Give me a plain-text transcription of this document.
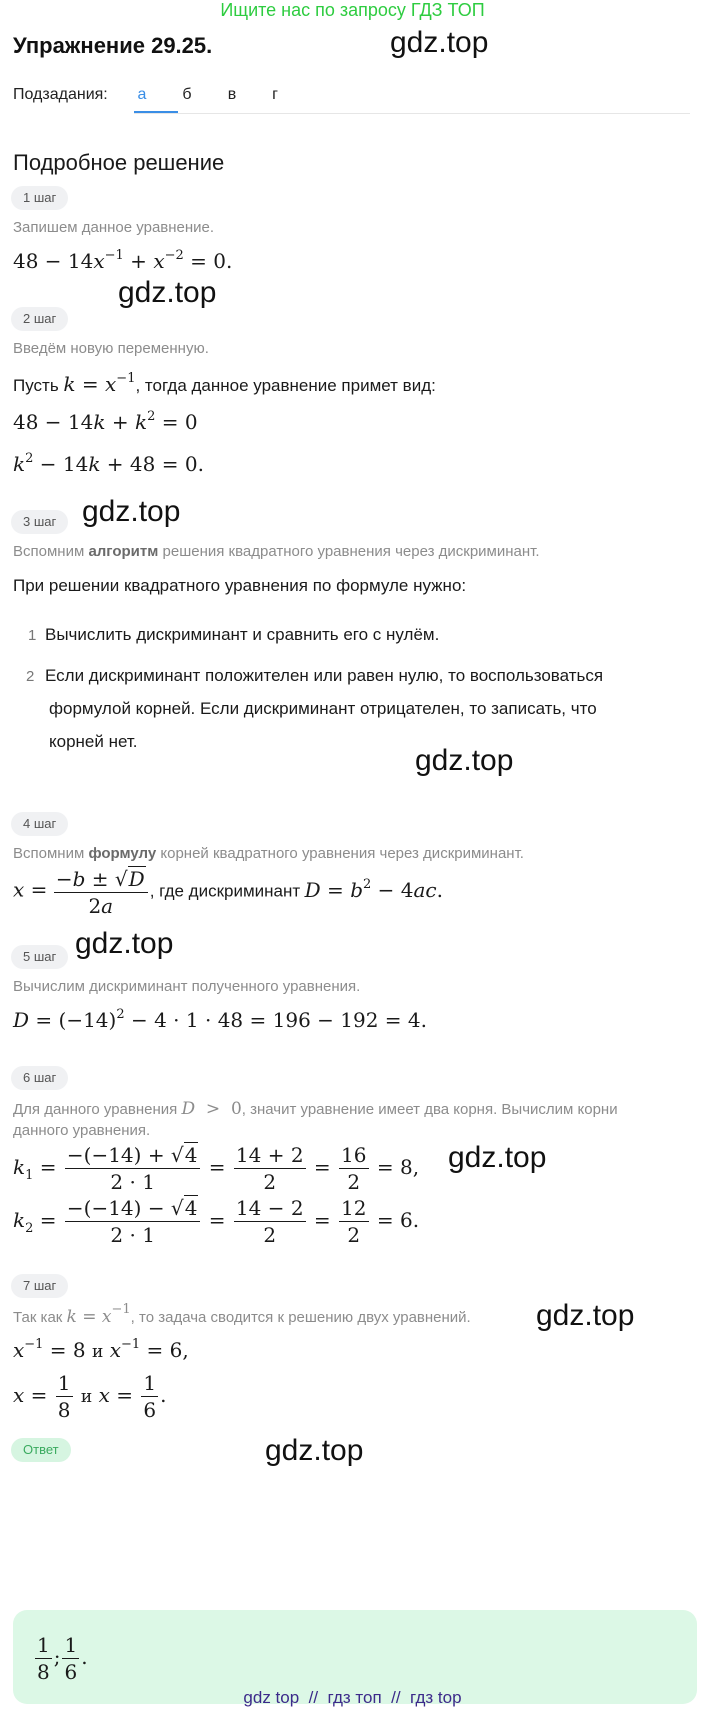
Ищите нас по запросу ГДЗ ТОП
Упражнение 29.25.	gdz.top
gdz.top
gdz.top
gdz.top
gdz.top
gdz.top
gdz.top
gdz.top
Подзадания:	а	б	в	г
Подробное решение
1 шаг
Запишем данное уравнение.
$48 - 14x^{-1} + x^{-2} = 0$.
2 шаг
Введём новую переменную.
Пусть $k = x^{-1}$, тогда данное уравнение примет вид:
$48 - 14k + k^2 = 0$
$k^2 - 14k + 48 = 0$.
3 шаг
Вспомним алгоритм решения квадратного уравнения через дискриминант.
При решении квадратного уравнения по формуле нужно:
1 Вычислить дискриминант и сравнить его с нулём.
2 Если дискриминант положителен или равен нулю, то воспользоваться
формулой корней. Если дискриминант отрицателен, то записать, что
корней нет.
4 шаг
Вспомним формулу корней квадратного уравнения через дискриминант.
$x = \frac{-b \pm √D}{2a}$ , где дискриминант $D = b^2 - 4ac$.
5 шаг
Вычислим дискриминант полученного уравнения.
$D = (-14)^2 - 4 \cdot 1 \cdot 48 = 196 - 192 = 4$.
6 шаг
Для данного уравнения D  >  0, значит уравнение имеет два корня. Вычислим корни
данного уравнения.
$k_1 = \frac{-(-14) + √4}{2 \cdot 1} = \frac{14 + 2}{2} = \frac{16}{2} = 8$,
$k_2 = \frac{-(-14) - √4}{2 \cdot 1} = \frac{14 - 2}{2} = \frac{12}{2} = 6$.
7 шаг
Так как $k = x^{-1}$, то задача сводится к решению двух уравнений.
$x^{-1} = 8$ и $x^{-1} = 6$,
$x = \frac{1}{8}$ и $x = \frac{1}{6}$ .
Ответ
$\frac{1}{8}$ ; $\frac{1}{6}$ .
gdz top // гдз топ // гдз top
